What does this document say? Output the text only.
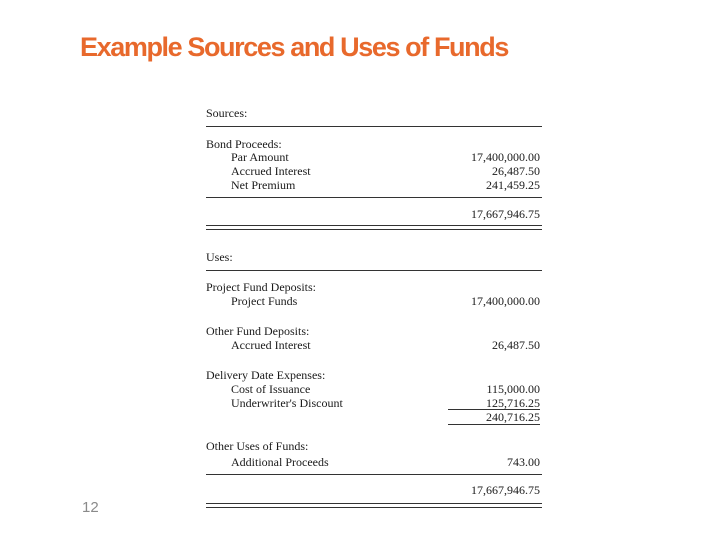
Example Sources and Uses of Funds
Sources:
Bond Proceeds:
Par Amount	17,400,000.00
Accrued Interest	26,487.50
Net Premium	241,459.25
17,667,946.75
Uses:
Project Fund Deposits:
Project Funds	17,400,000.00
Other Fund Deposits:
Accrued Interest	26,487.50
Delivery Date Expenses:
Cost of Issuance	115,000.00
Underwriter's Discount	125,716.25
240,716.25
Other Uses of Funds:
Additional Proceeds	743.00
17,667,946.75
12
